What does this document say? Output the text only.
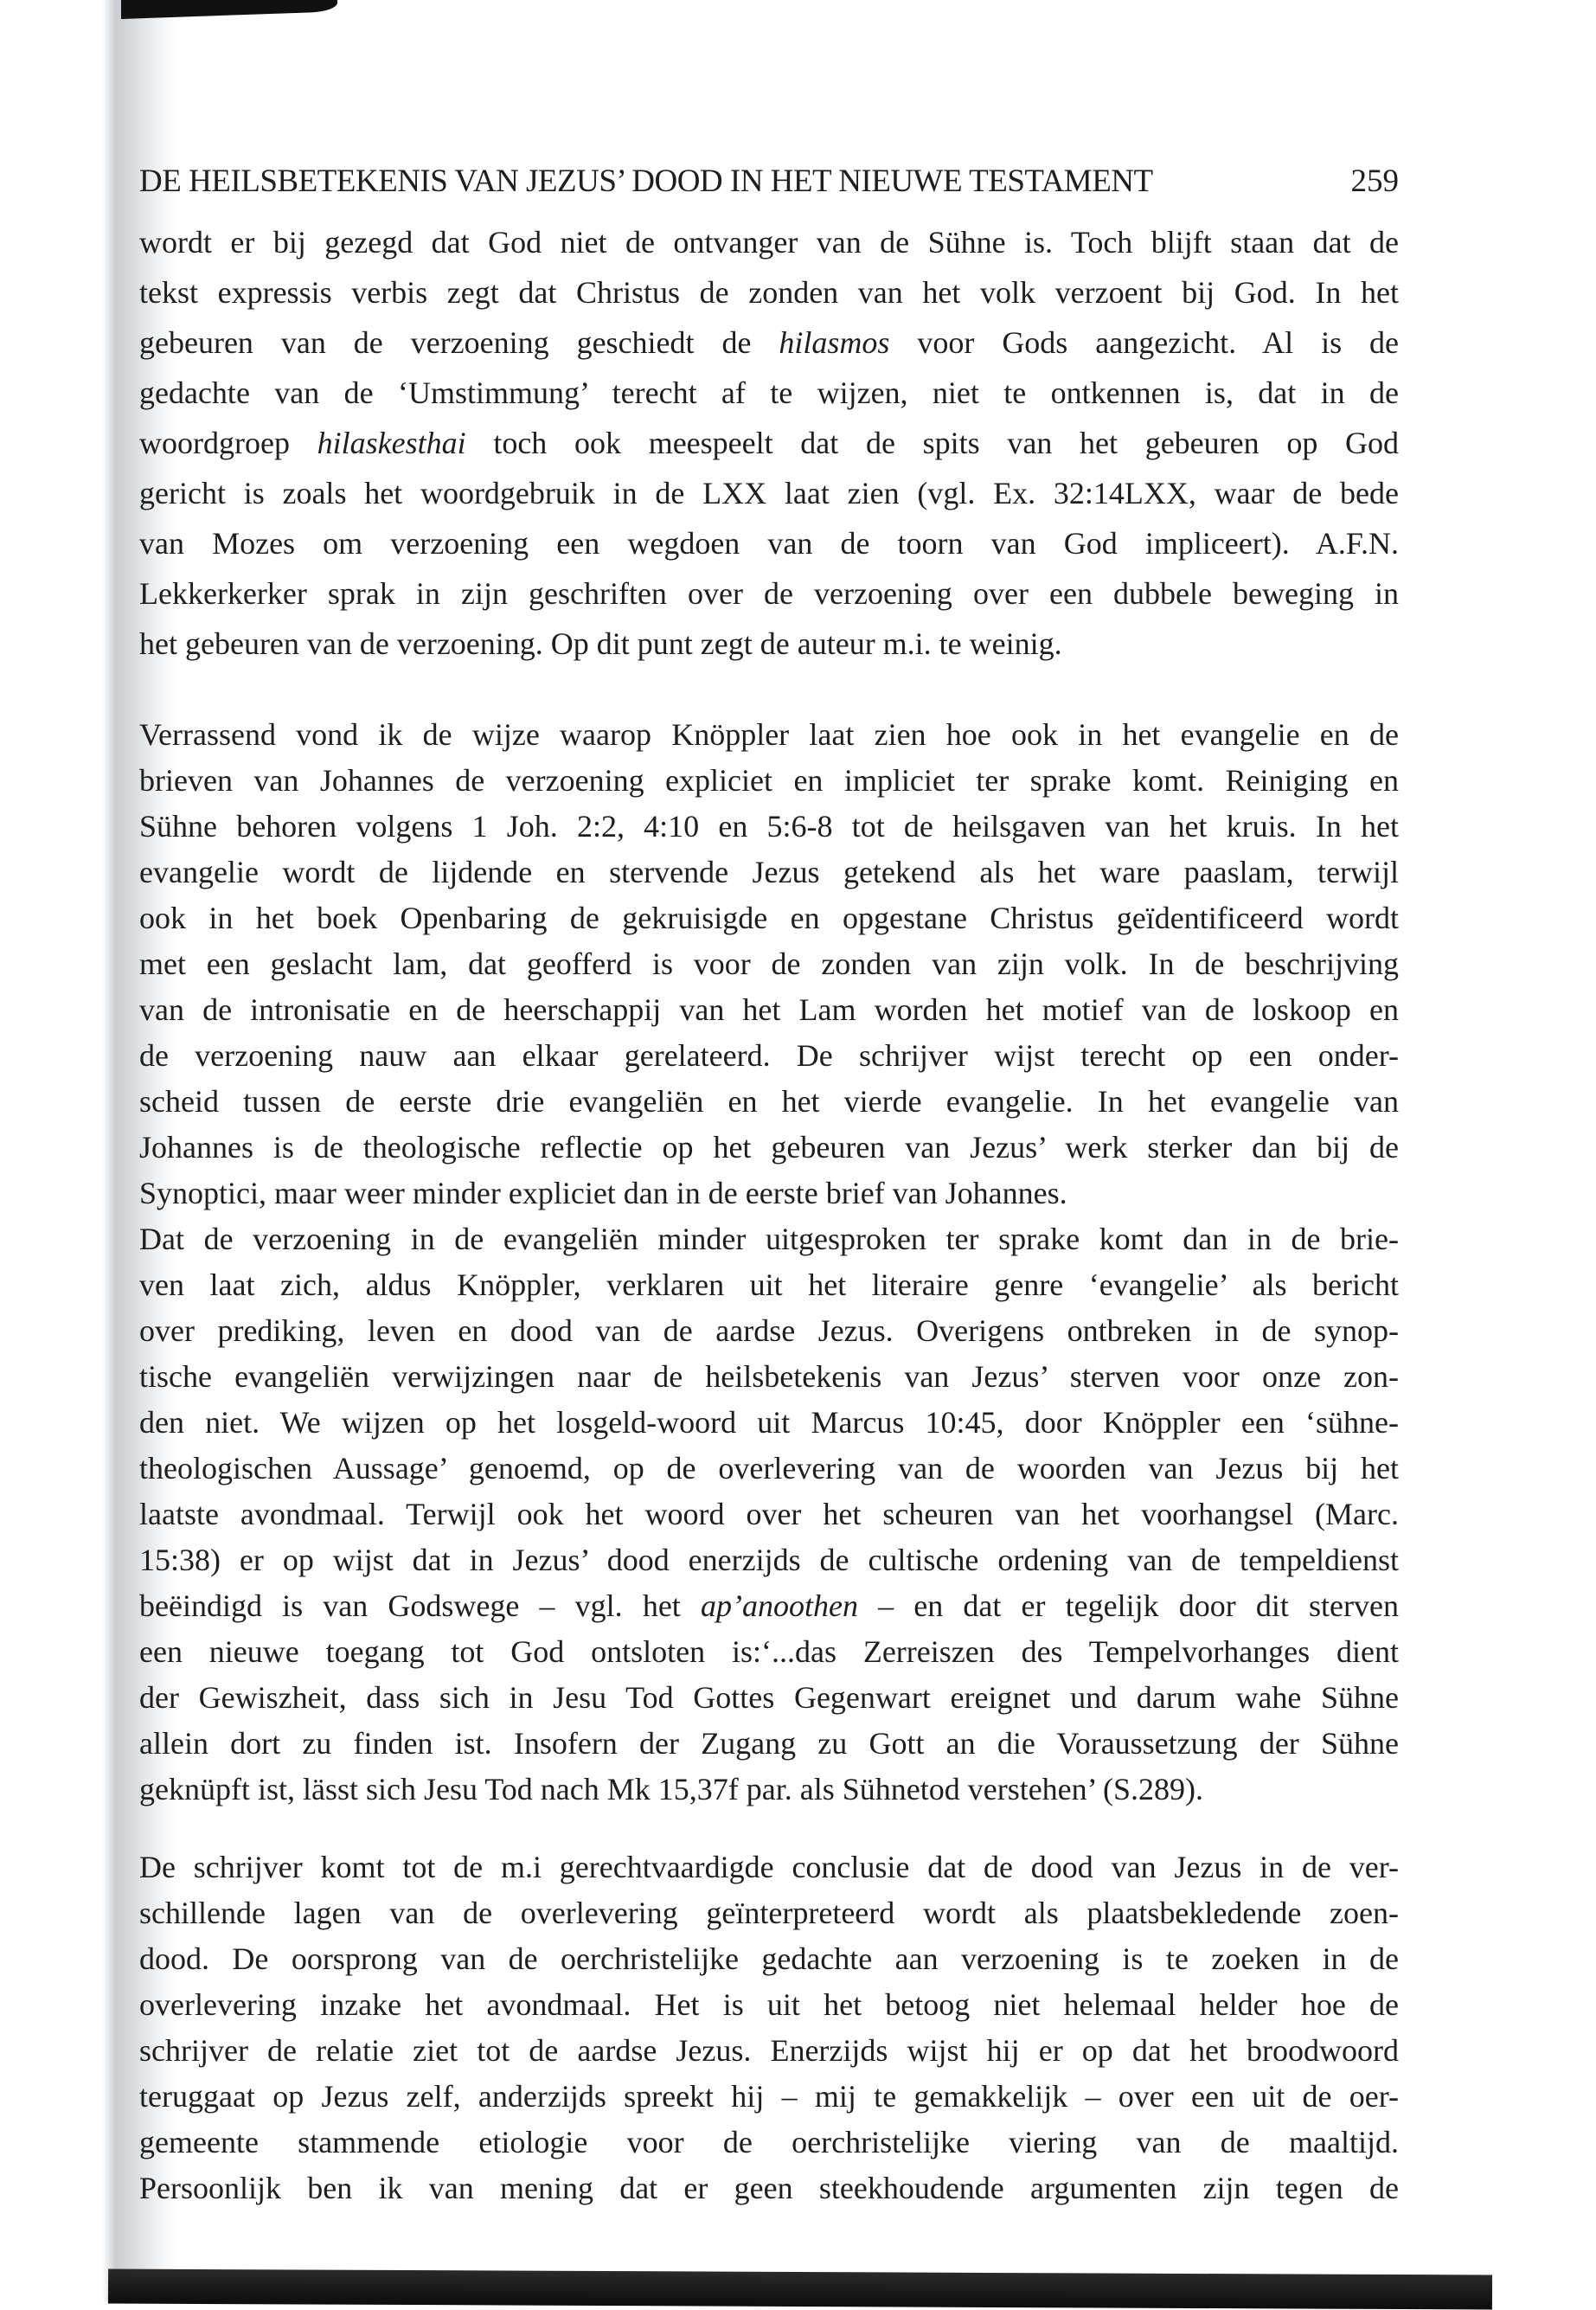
DE HEILSBETEKENIS VAN JEZUS’ DOOD IN HET NIEUWE TESTAMENT	259
wordt er bij gezegd dat God niet de ontvanger van de Sühne is. Toch blijft staan dat de
tekst expressis verbis zegt dat Christus de zonden van het volk verzoent bij God. In het
gebeuren van de verzoening geschiedt de hilasmos voor Gods aangezicht. Al is de
gedachte van de ‘Umstimmung’ terecht af te wijzen, niet te ontkennen is, dat in de
woordgroep hilaskesthai toch ook meespeelt dat de spits van het gebeuren op God
gericht is zoals het woordgebruik in de LXX laat zien (vgl. Ex. 32:14LXX, waar de bede
van Mozes om verzoening een wegdoen van de toorn van God impliceert). A.F.N.
Lekkerkerker sprak in zijn geschriften over de verzoening over een dubbele beweging in
het gebeuren van de verzoening. Op dit punt zegt de auteur m.i. te weinig.
Verrassend vond ik de wijze waarop Knöppler laat zien hoe ook in het evangelie en de
brieven van Johannes de verzoening expliciet en impliciet ter sprake komt. Reiniging en
Sühne behoren volgens 1 Joh. 2:2, 4:10 en 5:6-8 tot de heilsgaven van het kruis. In het
evangelie wordt de lijdende en stervende Jezus getekend als het ware paaslam, terwijl
ook in het boek Openbaring de gekruisigde en opgestane Christus geïdentificeerd wordt
met een geslacht lam, dat geofferd is voor de zonden van zijn volk. In de beschrijving
van de intronisatie en de heerschappij van het Lam worden het motief van de loskoop en
de verzoening nauw aan elkaar gerelateerd. De schrijver wijst terecht op een onder-
scheid tussen de eerste drie evangeliën en het vierde evangelie. In het evangelie van
Johannes is de theologische reflectie op het gebeuren van Jezus’ werk sterker dan bij de
Synoptici, maar weer minder expliciet dan in de eerste brief van Johannes.
Dat de verzoening in de evangeliën minder uitgesproken ter sprake komt dan in de brie-
ven laat zich, aldus Knöppler, verklaren uit het literaire genre ‘evangelie’ als bericht
over prediking, leven en dood van de aardse Jezus. Overigens ontbreken in de synop-
tische evangeliën verwijzingen naar de heilsbetekenis van Jezus’ sterven voor onze zon-
den niet. We wijzen op het losgeld-woord uit Marcus 10:45, door Knöppler een ‘sühne-
theologischen Aussage’ genoemd, op de overlevering van de woorden van Jezus bij het
laatste avondmaal. Terwijl ook het woord over het scheuren van het voorhangsel (Marc.
15:38) er op wijst dat in Jezus’ dood enerzijds de cultische ordening van de tempeldienst
beëindigd is van Godswege – vgl. het ap’anoothen – en dat er tegelijk door dit sterven
een nieuwe toegang tot God ontsloten is:‘...das Zerreiszen des Tempelvorhanges dient
der Gewiszheit, dass sich in Jesu Tod Gottes Gegenwart ereignet und darum wahe Sühne
allein dort zu finden ist. Insofern der Zugang zu Gott an die Voraussetzung der Sühne
geknüpft ist, lässt sich Jesu Tod nach Mk 15,37f par. als Sühnetod verstehen’ (S.289).
De schrijver komt tot de m.i gerechtvaardigde conclusie dat de dood van Jezus in de ver-
schillende lagen van de overlevering geïnterpreteerd wordt als plaatsbekledende zoen-
dood. De oorsprong van de oerchristelijke gedachte aan verzoening is te zoeken in de
overlevering inzake het avondmaal. Het is uit het betoog niet helemaal helder hoe de
schrijver de relatie ziet tot de aardse Jezus. Enerzijds wijst hij er op dat het broodwoord
teruggaat op Jezus zelf, anderzijds spreekt hij – mij te gemakkelijk – over een uit de oer-
gemeente stammende etiologie voor de oerchristelijke viering van de maaltijd.
Persoonlijk ben ik van mening dat er geen steekhoudende argumenten zijn tegen de
